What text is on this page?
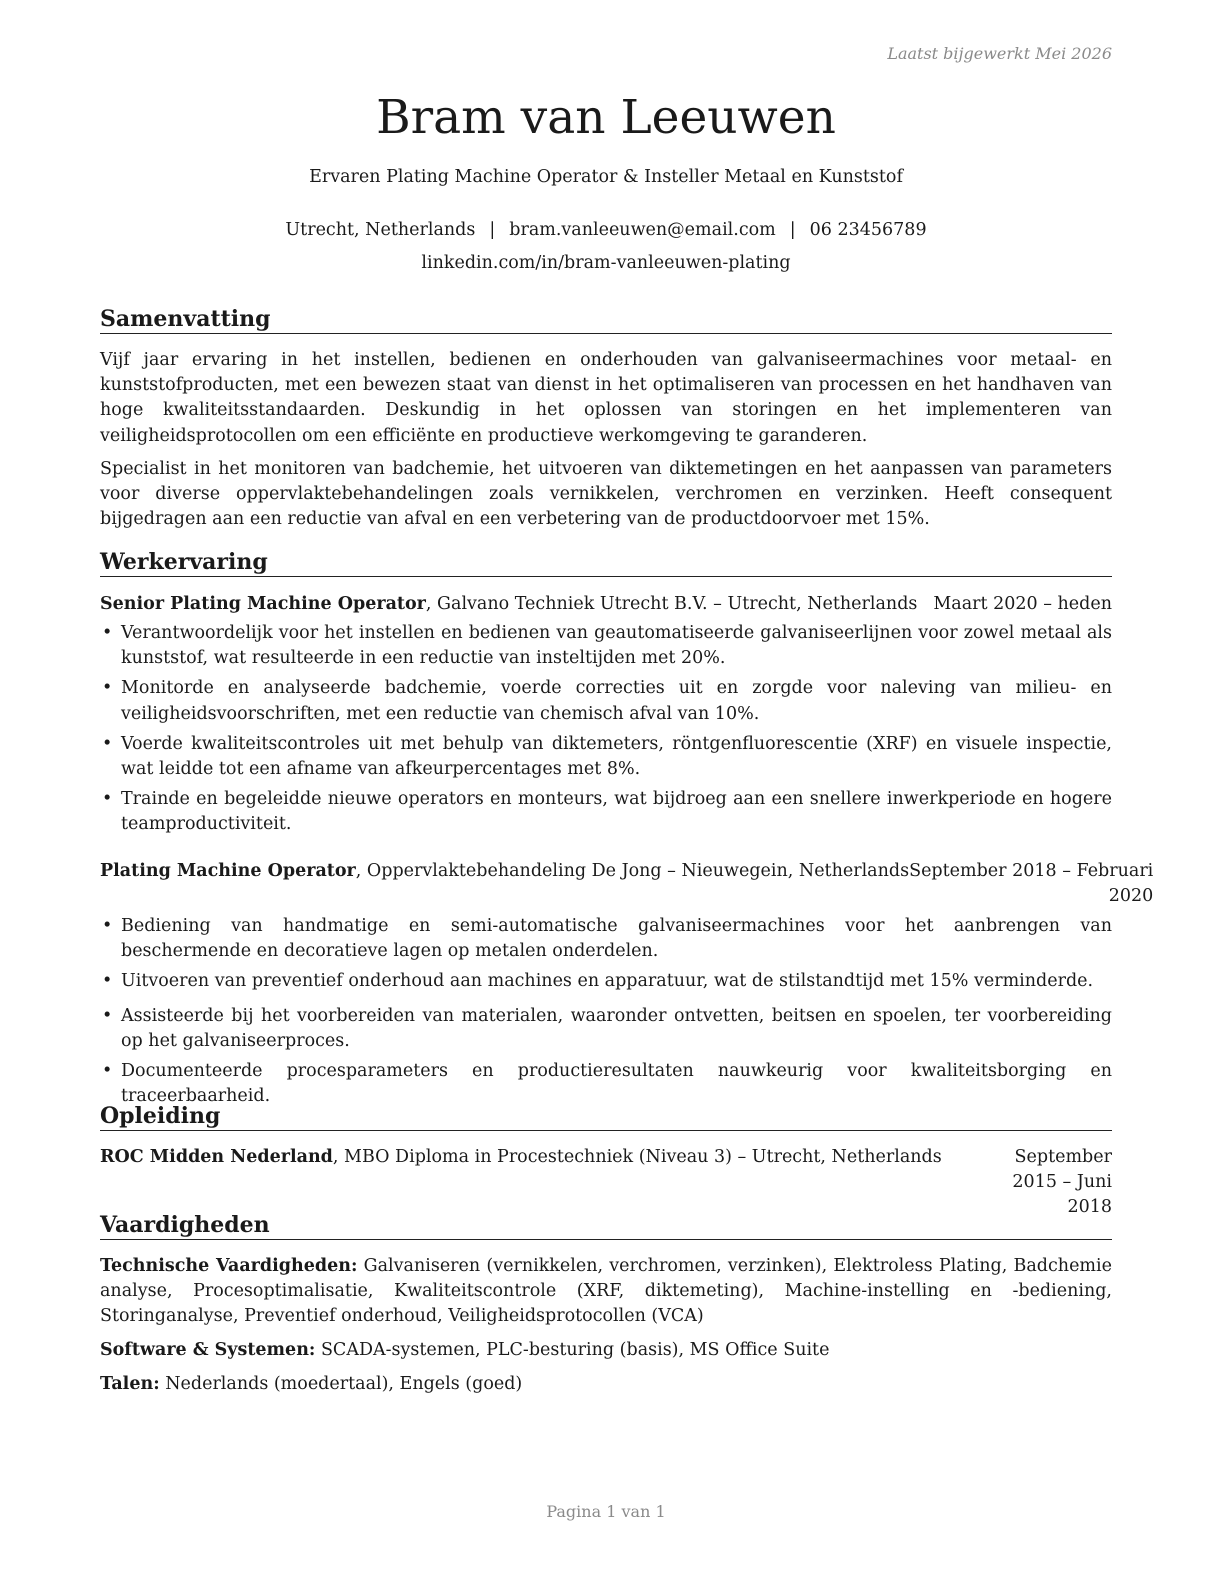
Laatst bijgewerkt Mei 2026
Bram van Leeuwen
Ervaren Plating Machine Operator & Insteller Metaal en Kunststof
Utrecht, Netherlands | bram.vanleeuwen@email.com | 06 23456789
linkedin.com/in/bram-vanleeuwen-plating
Samenvatting
Vijf jaar ervaring in het instellen, bedienen en onderhouden van galvaniseermachines voor metaal- en kunststofproducten, met een bewezen staat van dienst in het optimaliseren van processen en het handhaven van hoge kwaliteitsstandaarden. Deskundig in het oplossen van storingen en het implementeren van veiligheidsprotocollen om een efficiënte en productieve werkomgeving te garanderen.
Specialist in het monitoren van badchemie, het uitvoeren van diktemetingen en het aanpassen van parameters voor diverse oppervlaktebehandelingen zoals vernikkelen, verchromen en verzinken. Heeft consequent bijgedragen aan een reductie van afval en een verbetering van de productdoorvoer met 15%.
Werkervaring
Senior Plating Machine Operator, Galvano Techniek Utrecht B.V. – Utrecht, Netherlands Maart 2020 – heden
• Verantwoordelijk voor het instellen en bedienen van geautomatiseerde galvaniseerlijnen voor zowel metaal als kunststof, wat resulteerde in een reductie van insteltijden met 20%.
• Monitorde en analyseerde badchemie, voerde correcties uit en zorgde voor naleving van milieu- en veiligheidsvoorschriften, met een reductie van chemisch afval van 10%.
• Voerde kwaliteitscontroles uit met behulp van diktemeters, röntgenfluorescentie (XRF) en visuele inspectie, wat leidde tot een afname van afkeurpercentages met 8%.
• Trainde en begeleidde nieuwe operators en monteurs, wat bijdroeg aan een snellere inwerkperiode en hogere teamproductiviteit.
Plating Machine Operator, Oppervlaktebehandeling De Jong – Nieuwegein, Netherlands September 2018 – Februari
2020
• Bediening van handmatige en semi-automatische galvaniseermachines voor het aanbrengen van beschermende en decoratieve lagen op metalen onderdelen.
• Uitvoeren van preventief onderhoud aan machines en apparatuur, wat de stilstandtijd met 15% verminderde.
• Assisteerde bij het voorbereiden van materialen, waaronder ontvetten, beitsen en spoelen, ter voorbereiding op het galvaniseerproces.
• Documenteerde procesparameters en productieresultaten nauwkeurig voor kwaliteitsborging en traceerbaarheid.
Opleiding
ROC Midden Nederland, MBO Diploma in Procestechniek (Niveau 3) – Utrecht, Netherlands	September 2015 – Juni
2018
Vaardigheden
Technische Vaardigheden: Galvaniseren (vernikkelen, verchromen, verzinken), Elektroless Plating, Badchemie analyse, Procesoptimalisatie, Kwaliteitscontrole (XRF, diktemeting), Machine-instelling en -bediening, Storinganalyse, Preventief onderhoud, Veiligheidsprotocollen (VCA)
Software & Systemen: SCADA-systemen, PLC-besturing (basis), MS Office Suite
Talen: Nederlands (moedertaal), Engels (goed)
Pagina 1 van 1
